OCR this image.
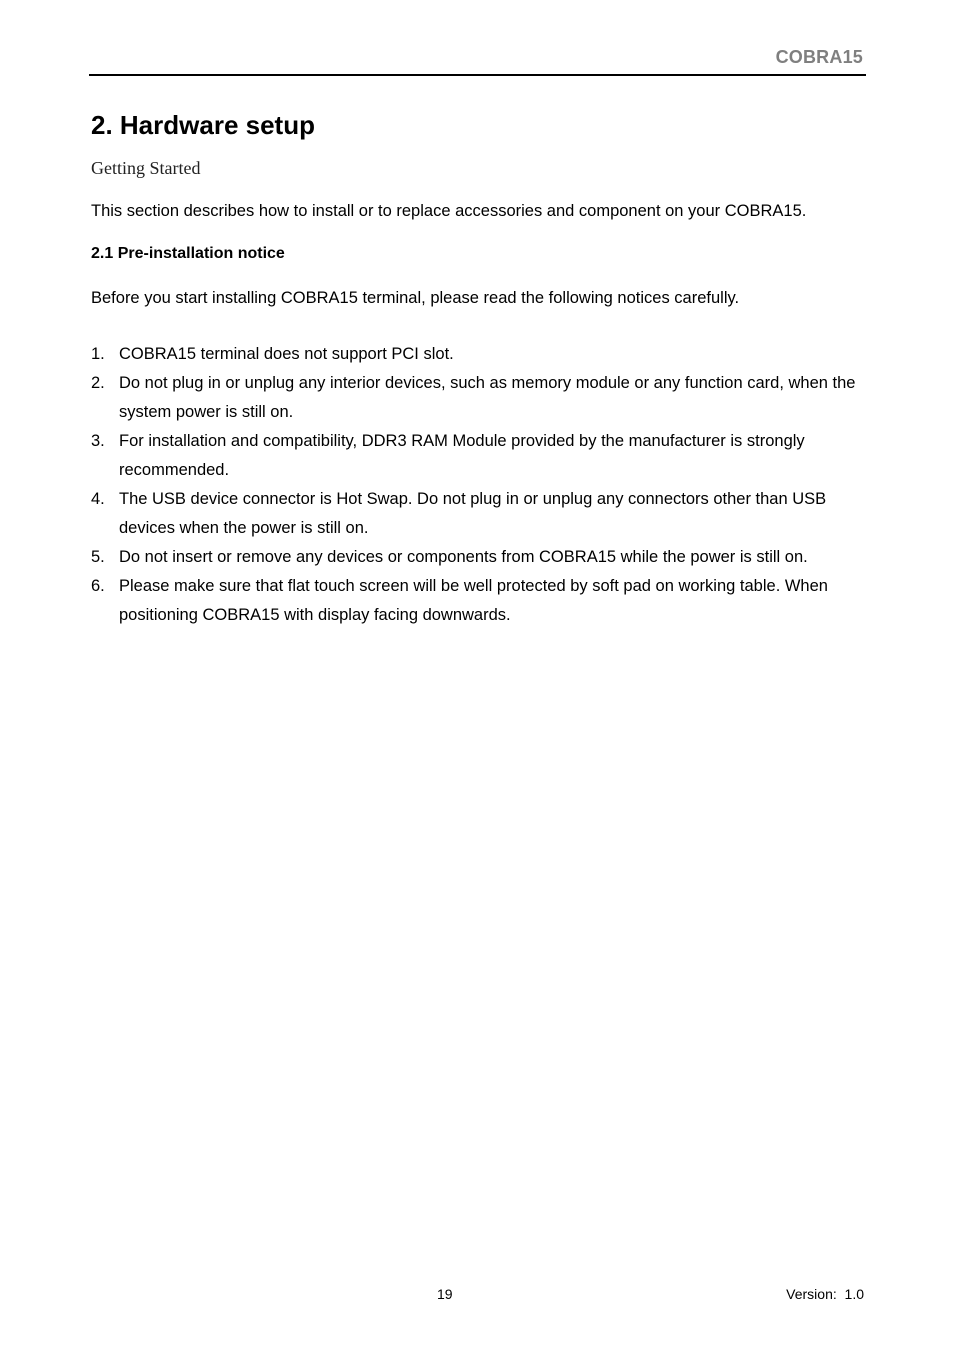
COBRA15
2. Hardware setup
Getting Started
This section describes how to install or to replace accessories and component on your COBRA15.
2.1 Pre-installation notice
Before you start installing COBRA15 terminal, please read the following notices carefully.
1. COBRA15 terminal does not support PCI slot.
2. Do not plug in or unplug any interior devices, such as memory module or any function card, when the system power is still on.
3. For installation and compatibility, DDR3 RAM Module provided by the manufacturer is strongly recommended.
4. The USB device connector is Hot Swap. Do not plug in or unplug any connectors other than USB devices when the power is still on.
5. Do not insert or remove any devices or components from COBRA15 while the power is still on.
6. Please make sure that flat touch screen will be well protected by soft pad on working table. When positioning COBRA15 with display facing downwards.
19	Version:  1.0
